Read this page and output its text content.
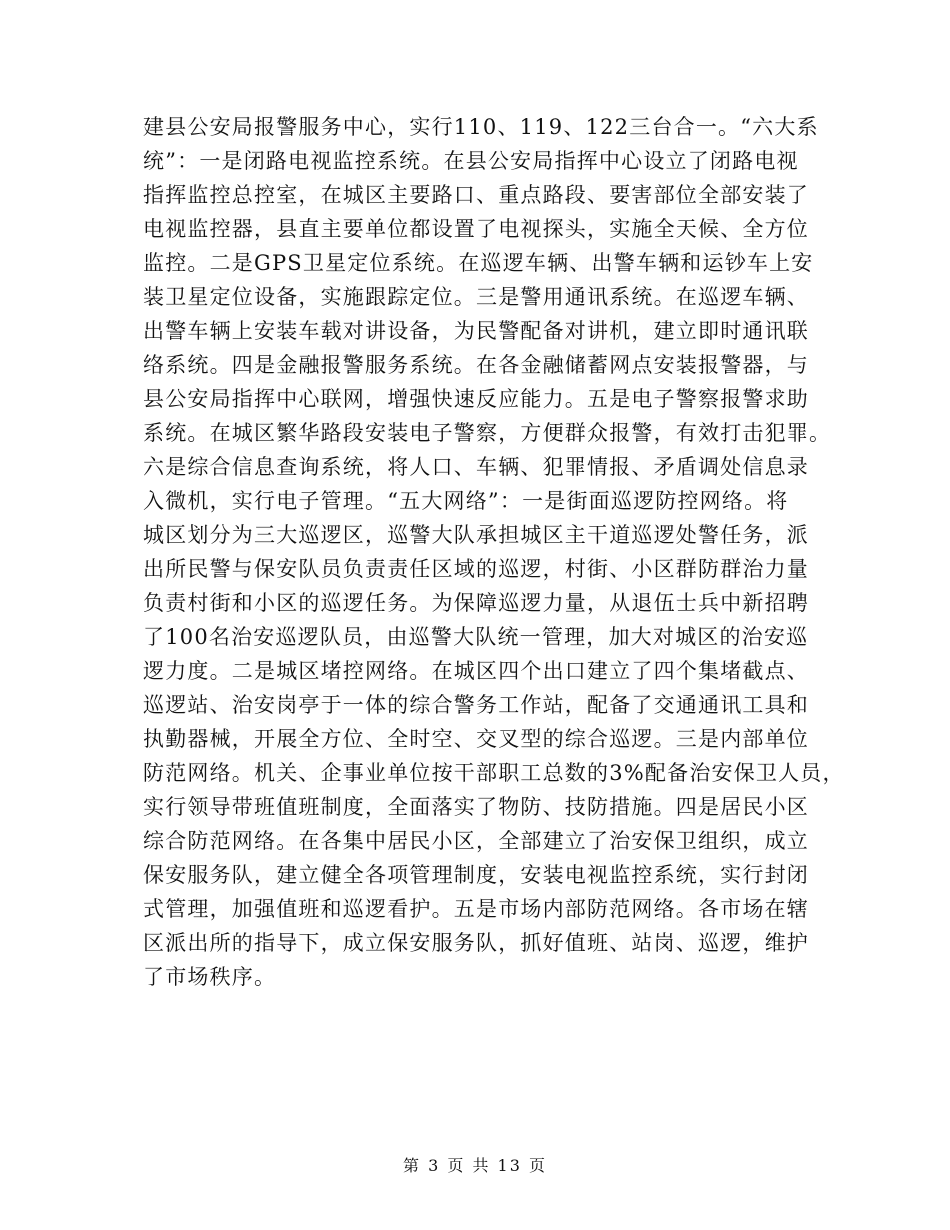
建县公安局报警服务中心，实行110、119、122三台合一。“六大系
统”：一是闭路电视监控系统。在县公安局指挥中心设立了闭路电视
指挥监控总控室，在城区主要路口、重点路段、要害部位全部安装了
电视监控器，县直主要单位都设置了电视探头，实施全天候、全方位
监控。二是GPS卫星定位系统。在巡逻车辆、出警车辆和运钞车上安
装卫星定位设备，实施跟踪定位。三是警用通讯系统。在巡逻车辆、
出警车辆上安装车载对讲设备，为民警配备对讲机，建立即时通讯联
络系统。四是金融报警服务系统。在各金融储蓄网点安装报警器，与
县公安局指挥中心联网，增强快速反应能力。五是电子警察报警求助
系统。在城区繁华路段安装电子警察，方便群众报警，有效打击犯罪。
六是综合信息查询系统，将人口、车辆、犯罪情报、矛盾调处信息录
入微机，实行电子管理。“五大网络”：一是街面巡逻防控网络。将
城区划分为三大巡逻区，巡警大队承担城区主干道巡逻处警任务，派
出所民警与保安队员负责责任区域的巡逻，村街、小区群防群治力量
负责村街和小区的巡逻任务。为保障巡逻力量，从退伍士兵中新招聘
了100名治安巡逻队员，由巡警大队统一管理，加大对城区的治安巡
逻力度。二是城区堵控网络。在城区四个出口建立了四个集堵截点、
巡逻站、治安岗亭于一体的综合警务工作站，配备了交通通讯工具和
执勤器械，开展全方位、全时空、交叉型的综合巡逻。三是内部单位
防范网络。机关、企事业单位按干部职工总数的3%配备治安保卫人员，
实行领导带班值班制度，全面落实了物防、技防措施。四是居民小区
综合防范网络。在各集中居民小区，全部建立了治安保卫组织，成立
保安服务队，建立健全各项管理制度，安装电视监控系统，实行封闭
式管理，加强值班和巡逻看护。五是市场内部防范网络。各市场在辖
区派出所的指导下，成立保安服务队，抓好值班、站岗、巡逻，维护
了市场秩序。
第 3 页 共 13 页
